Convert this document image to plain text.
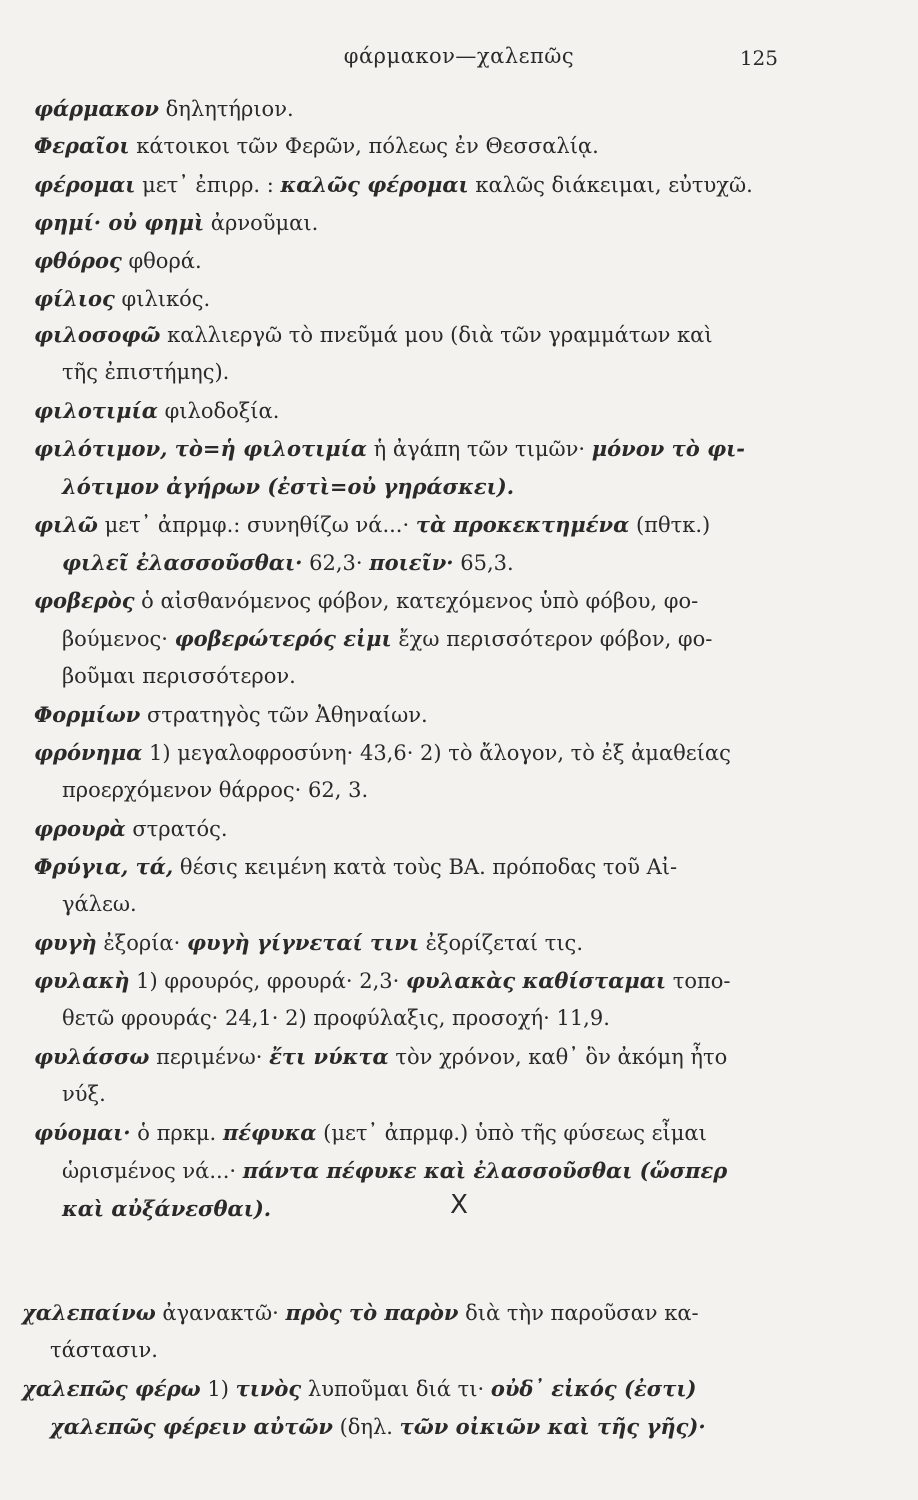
φάρμακον—χαλεπῶς	125
φάρμακον δηλητήριον.
Φεραῖοι κάτοικοι τῶν Φερῶν, πόλεως ἐν Θεσσαλίᾳ.
φέρομαι μετ᾽ ἐπιρρ. : καλῶς φέρομαι καλῶς διάκειμαι, εὐτυχῶ.
φημί· οὐ φημὶ ἀρνοῦμαι.
φθόρος φθορά.
φίλιος φιλικός.
φιλοσοφῶ καλλιεργῶ τὸ πνεῦμά μου (διὰ τῶν γραμμάτων καὶ
τῆς ἐπιστήμης).
φιλοτιμία φιλοδοξία.
φιλότιμον, τὸ=ἡ φιλοτιμία ἡ ἀγάπη τῶν τιμῶν· μόνον τὸ φι-
λότιμον ἀγήρων (ἐστὶ=οὐ γηράσκει).
φιλῶ μετ᾽ ἀπρμφ.: συνηθίζω νά...· τὰ προκεκτημένα (πθτκ.)
φιλεῖ ἐλασσοῦσθαι· 62,3· ποιεῖν· 65,3.
φοβερὸς ὁ αἰσθανόμενος φόβον, κατεχόμενος ὑπὸ φόβου, φο-
βούμενος· φοβερώτερός εἰμι ἔχω περισσότερον φόβον, φο-
βοῦμαι περισσότερον.
Φορμίων στρατηγὸς τῶν Ἀθηναίων.
φρόνημα 1) μεγαλοφροσύνη· 43,6· 2) τὸ ἄλογον, τὸ ἐξ ἀμαθείας
προερχόμενον θάρρος· 62, 3.
φρουρὰ στρατός.
Φρύγια, τά, θέσις κειμένη κατὰ τοὺς ΒΑ. πρόποδας τοῦ Αἰ-
γάλεω.
φυγὴ ἐξορία· φυγὴ γίγνεταί τινι ἐξορίζεταί τις.
φυλακὴ 1) φρουρός, φρουρά· 2,3· φυλακὰς καθίσταμαι τοπο-
θετῶ φρουράς· 24,1· 2) προφύλαξις, προσοχή· 11,9.
φυλάσσω περιμένω· ἔτι νύκτα τὸν χρόνον, καθ᾽ ὃν ἀκόμη ἦτο
νύξ.
φύομαι· ὁ πρκμ. πέφυκα (μετ᾽ ἀπρμφ.) ὑπὸ τῆς φύσεως εἶμαι
ὡρισμένος νά...· πάντα πέφυκε καὶ ἐλασσοῦσθαι (ὥσπερ
καὶ αὐξάνεσθαι).	X
χαλεπαίνω ἀγανακτῶ· πρὸς τὸ παρὸν διὰ τὴν παροῦσαν κα-
τάστασιν.
χαλεπῶς φέρω 1) τινὸς λυποῦμαι διά τι· οὐδ᾽ εἰκός (ἐστι)
χαλεπῶς φέρειν αὐτῶν (δηλ. τῶν οἰκιῶν καὶ τῆς γῆς)·
